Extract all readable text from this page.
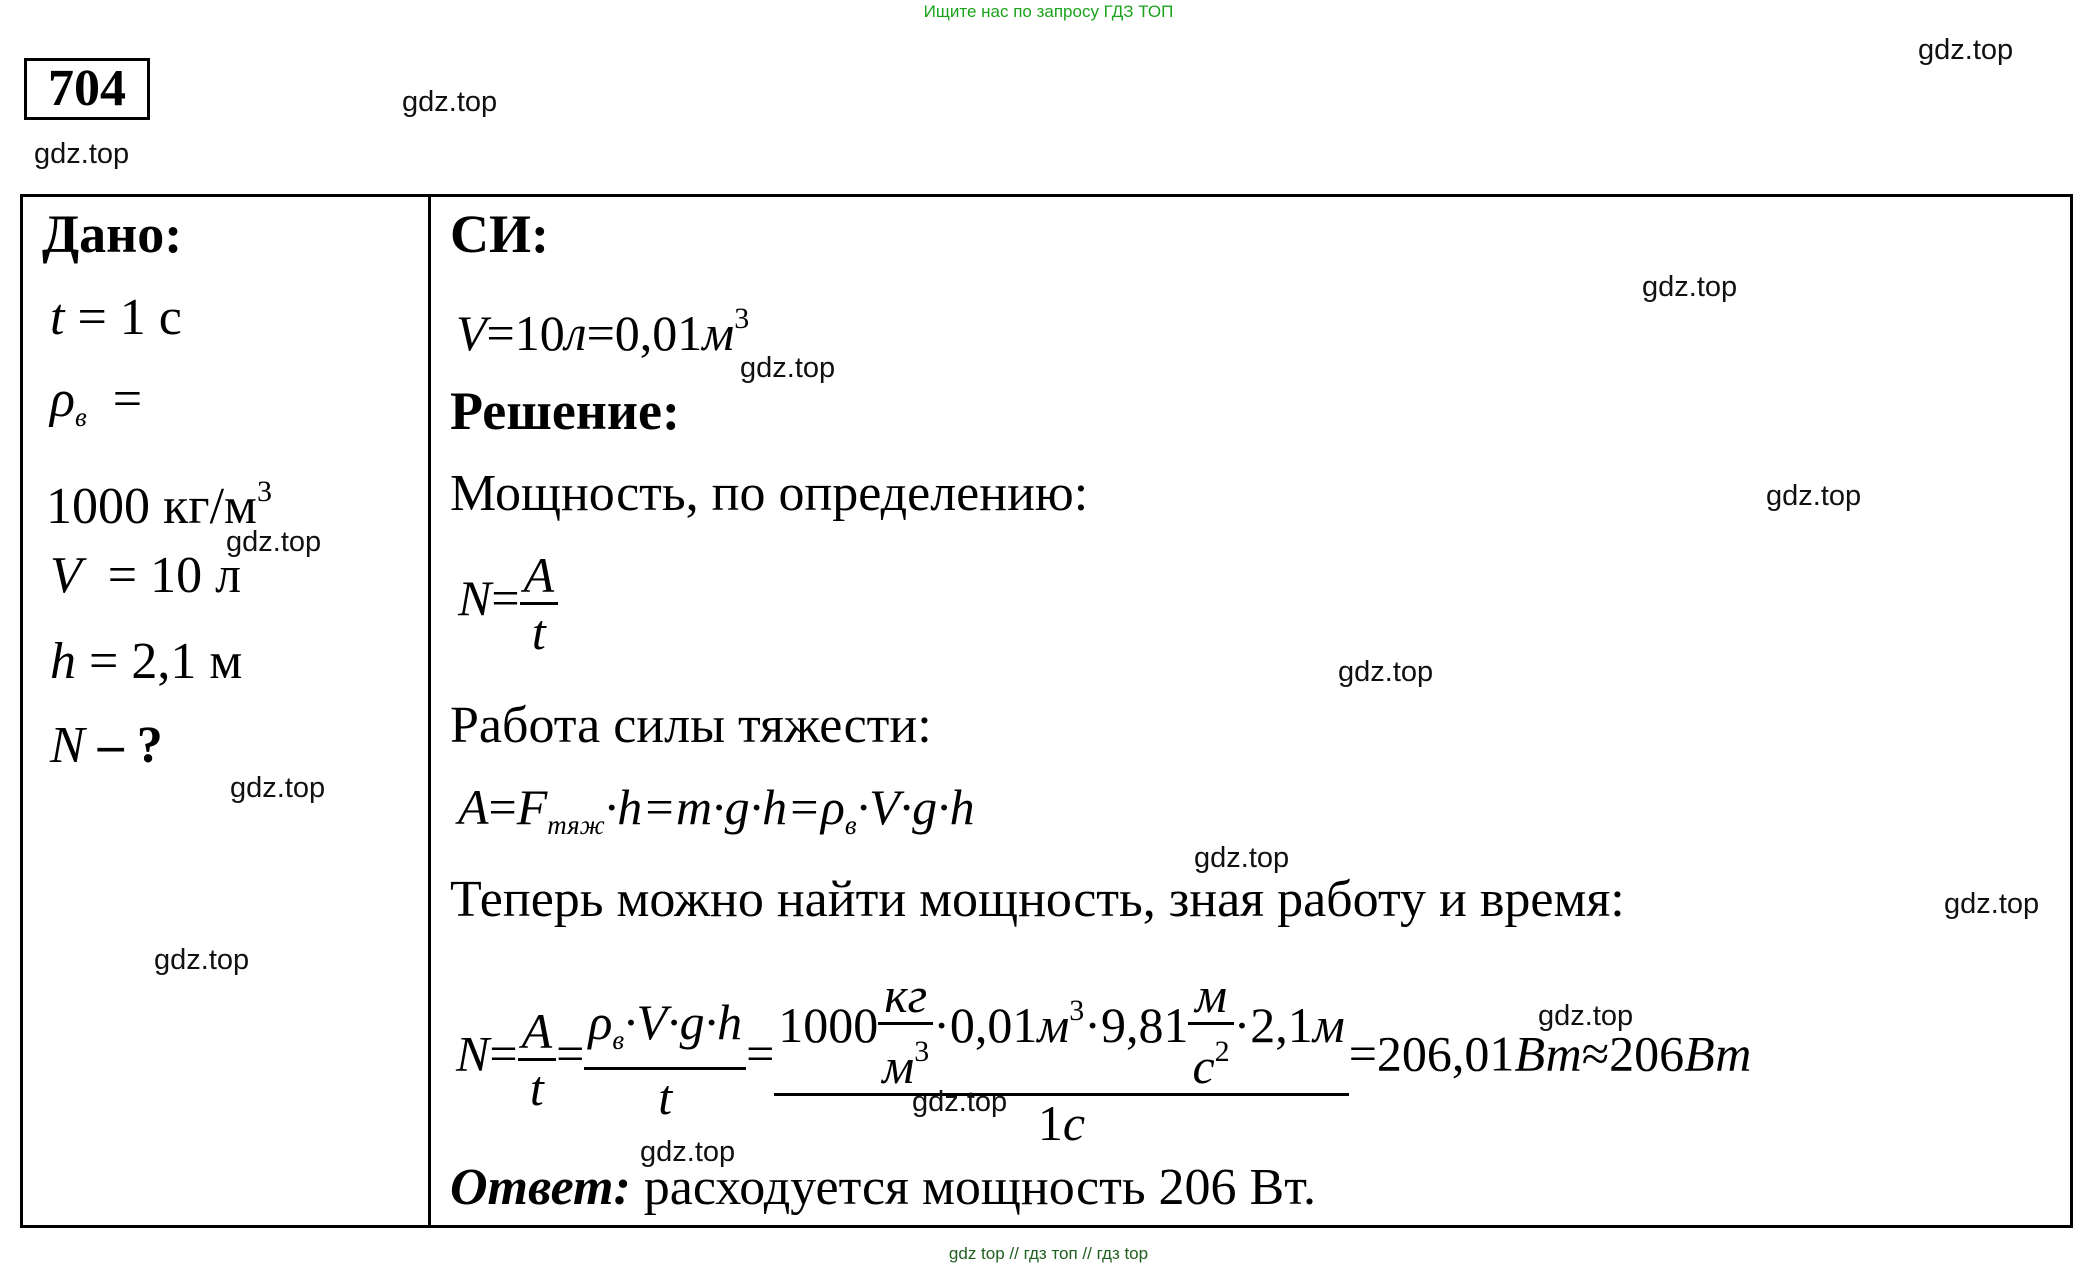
Ищите нас по запросу ГДЗ ТОП
704
Дано:
t = 1 с
$\rho_в$ =
1000 $кг/м^3$
V = 10 л
h = 2,1 м
N – ?
СИ:
$V=10л=0,01м^3$
Решение:
Мощность, по определению:
$N= \frac{A}{t}$
Работа силы тяжести:
$A=F_{тяж}\cdot h=m\cdot g\cdot h=\rho_в\cdot V\cdot g\cdot h$
Теперь можно найти мощность, зная работу и время:
$N= \frac{A}{t} = \frac{\rho_в\cdot V\cdot g\cdot h}{t} = \frac{1000 \frac{кг}{м^3} \cdot 0,01м^3\cdot 9,81 \frac{м}{с^2} \cdot 2,1м}{1с} =206,01Вт\approx 206Вт$
Ответ: расходуется мощность 206 Вт.
gdz.top
gdz.top
gdz.top
gdz.top
gdz.top
gdz.top
gdz.top
gdz.top
gdz.top
gdz.top
gdz.top
gdz.top
gdz.top
gdz.top
gdz.top
gdz top // гдз топ // гдз top
